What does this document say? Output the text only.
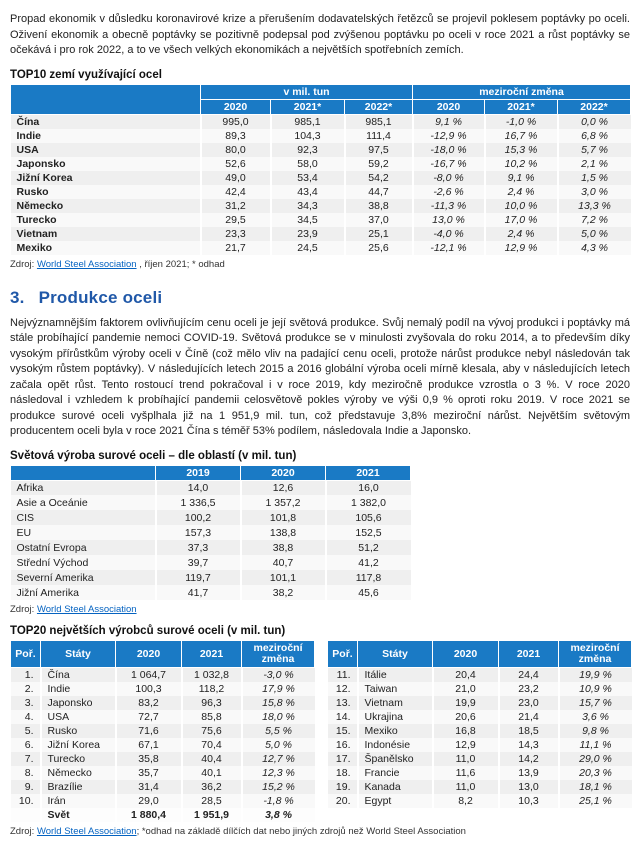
Propad ekonomik v důsledku koronavirové krize a přerušením dodavatelských řetězců se projevil poklesem poptávky po oceli. Oživení ekonomik a obecně poptávky se pozitivně podepsal pod zvýšenou poptávku po oceli v roce 2021 a růst poptávky se očekává i pro rok 2022, a to ve všech velkých ekonomikách a největších spotřebních zemích.

TOP10 zemí využívající ocel
	v mil. tun			meziroční změna		
	2020	2021*	2022*	2020	2021*	2022*
Čína	995,0	985,1	985,1	9,1 %	-1,0 %	0,0 %
Indie	89,3	104,3	111,4	-12,9 %	16,7 %	6,8 %
USA	80,0	92,3	97,5	-18,0 %	15,3 %	5,7 %
Japonsko	52,6	58,0	59,2	-16,7 %	10,2 %	2,1 %
Jižní Korea	49,0	53,4	54,2	-8,0 %	9,1 %	1,5 %
Rusko	42,4	43,4	44,7	-2,6 %	2,4 %	3,0 %
Německo	31,2	34,3	38,8	-11,3 %	10,0 %	13,3 %
Turecko	29,5	34,5	37,0	13,0 %	17,0 %	7,2 %
Vietnam	23,3	23,9	25,1	-4,0 %	2,4 %	5,0 %
Mexiko	21,7	24,5	25,6	-12,1 %	12,9 %	4,3 %

Zdroj: World Steel Association , říjen 2021; * odhad

3. Produkce oceli

Nejvýznamnějším faktorem ovlivňujícím cenu oceli je její světová produkce. Svůj nemalý podíl na vývoj produkci i poptávky má stále probíhající pandemie nemoci COVID-19. Světová produkce se v minulosti zvyšovala do roku 2014, a to především díky vysokým přírůstkům výroby oceli v Číně (což mělo vliv na padající cenu oceli, protože nárůst produkce nebyl následován tak vysokým růstem poptávky). V následujících letech 2015 a 2016 globální výroba oceli mírně klesala, aby v následujících letech začala opět růst. Tento rostoucí trend pokračoval i v roce 2019, kdy meziročně produkce vzrostla o 3 %. V roce 2020 následoval i vzhledem k probíhající pandemii celosvětově pokles výroby ve výši 0,9 % oproti roku 2019. V roce 2021 se produkce surové oceli vyšplhala již na 1 951,9 mil. tun, což představuje 3,8% meziroční nárůst. Největším světovým producentem oceli byla v roce 2021 Čína s téměř 53% podílem, následovala Indie a Japonsko.

Světová výroba surové oceli – dle oblastí (v mil. tun)
	2019	2020	2021
Afrika	14,0	12,6	16,0
Asie a Oceánie	1 336,5	1 357,2	1 382,0
CIS	100,2	101,8	105,6
EU	157,3	138,8	152,5
Ostatní Evropa	37,3	38,8	51,2
Střední Východ	39,7	40,7	41,2
Severní Amerika	119,7	101,1	117,8
Jižní Amerika	41,7	38,2	45,6

Zdroj: World Steel Association

TOP20 největších výrobců surové oceli (v mil. tun)
Poř.	Státy	2020	2021	meziroční změna
1.	Čína	1 064,7	1 032,8	-3,0 %
2.	Indie	100,3	118,2	17,9 %
3.	Japonsko	83,2	96,3	15,8 %
4.	USA	72,7	85,8	18,0 %
5.	Rusko	71,6	75,6	5,5 %
6.	Jižní Korea	67,1	70,4	5,0 %
7.	Turecko	35,8	40,4	12,7 %
8.	Německo	35,7	40,1	12,3 %
9.	Brazílie	31,4	36,2	15,2 %
10.	Irán	29,0	28,5	-1,8 %
	Svět	1 880,4	1 951,9	3,8 %
Poř.	Státy	2020	2021	meziroční změna
11.	Itálie	20,4	24,4	19,9 %
12.	Taiwan	21,0	23,2	10,9 %
13.	Vietnam	19,9	23,0	15,7 %
14.	Ukrajina	20,6	21,4	3,6 %
15.	Mexiko	16,8	18,5	9,8 %
16.	Indonésie	12,9	14,3	11,1 %
17.	Španělsko	11,0	14,2	29,0 %
18.	Francie	11,6	13,9	20,3 %
19.	Kanada	11,0	13,0	18,1 %
20.	Egypt	8,2	10,3	25,1 %

Zdroj: World Steel Association; *odhad na základě dílčích dat nebo jiných zdrojů než World Steel Association
